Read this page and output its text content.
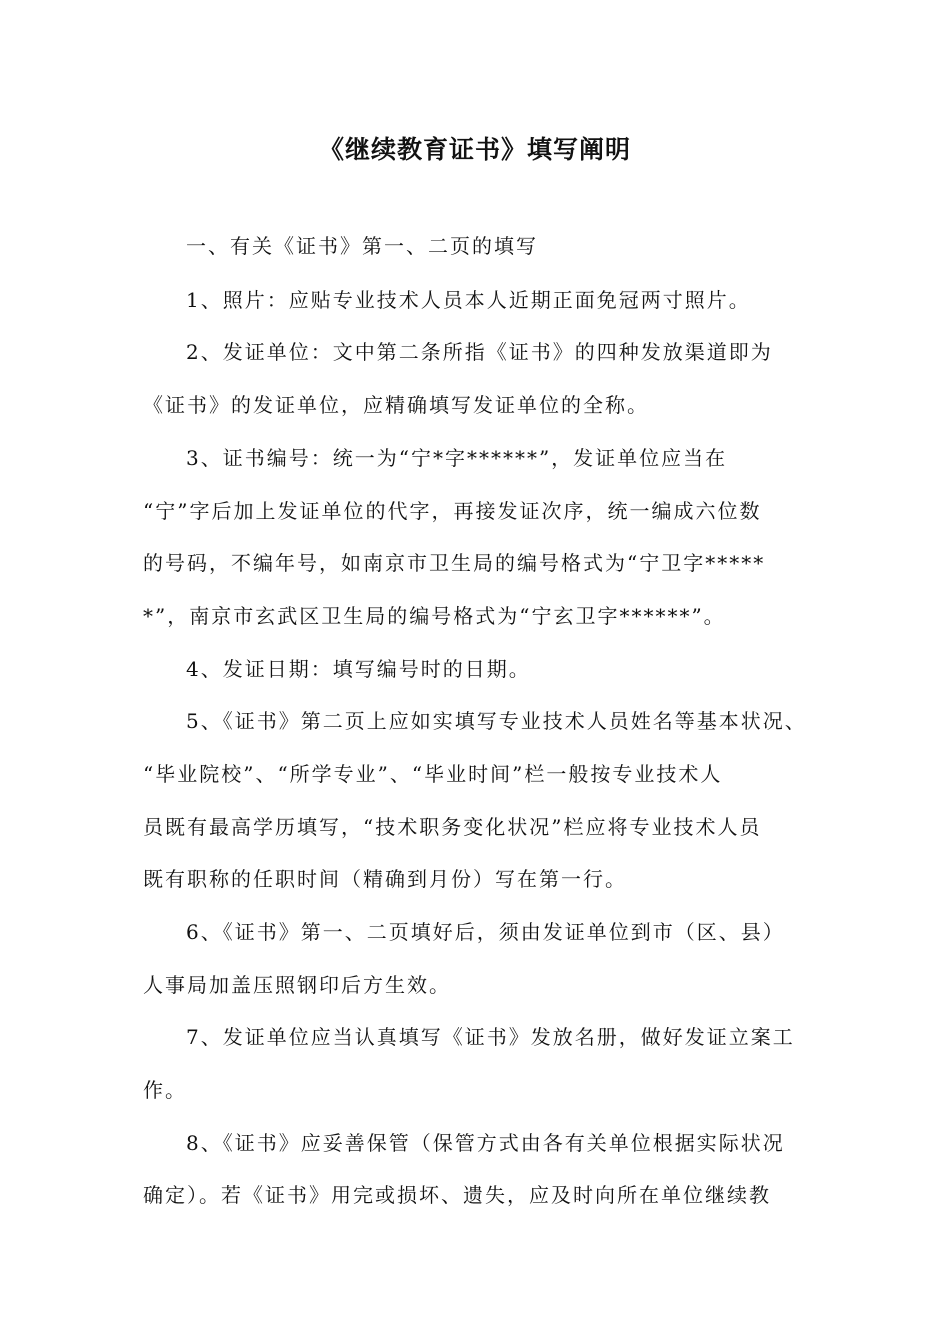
《继续教育证书》填写阐明
一、有关《证书》第一、二页的填写
1、照片：应贴专业技术人员本人近期正面免冠两寸照片。
2、发证单位：文中第二条所指《证书》的四种发放渠道即为
《证书》的发证单位，应精确填写发证单位的全称。
3、证书编号：统一为“宁*字******”，发证单位应当在
“宁”字后加上发证单位的代字，再接发证次序，统一编成六位数
的号码，不编年号，如南京市卫生局的编号格式为“宁卫字*****
*”，南京市玄武区卫生局的编号格式为“宁玄卫字******”。
4、发证日期：填写编号时的日期。
5、《证书》第二页上应如实填写专业技术人员姓名等基本状况、
“毕业院校”、“所学专业”、“毕业时间”栏一般按专业技术人
员既有最高学历填写，“技术职务变化状况”栏应将专业技术人员
既有职称的任职时间（精确到月份）写在第一行。
6、《证书》第一、二页填好后，须由发证单位到市（区、县）
人事局加盖压照钢印后方生效。
7、发证单位应当认真填写《证书》发放名册，做好发证立案工
作。
8、《证书》应妥善保管（保管方式由各有关单位根据实际状况
确定）。若《证书》用完或损坏、遗失，应及时向所在单位继续教
